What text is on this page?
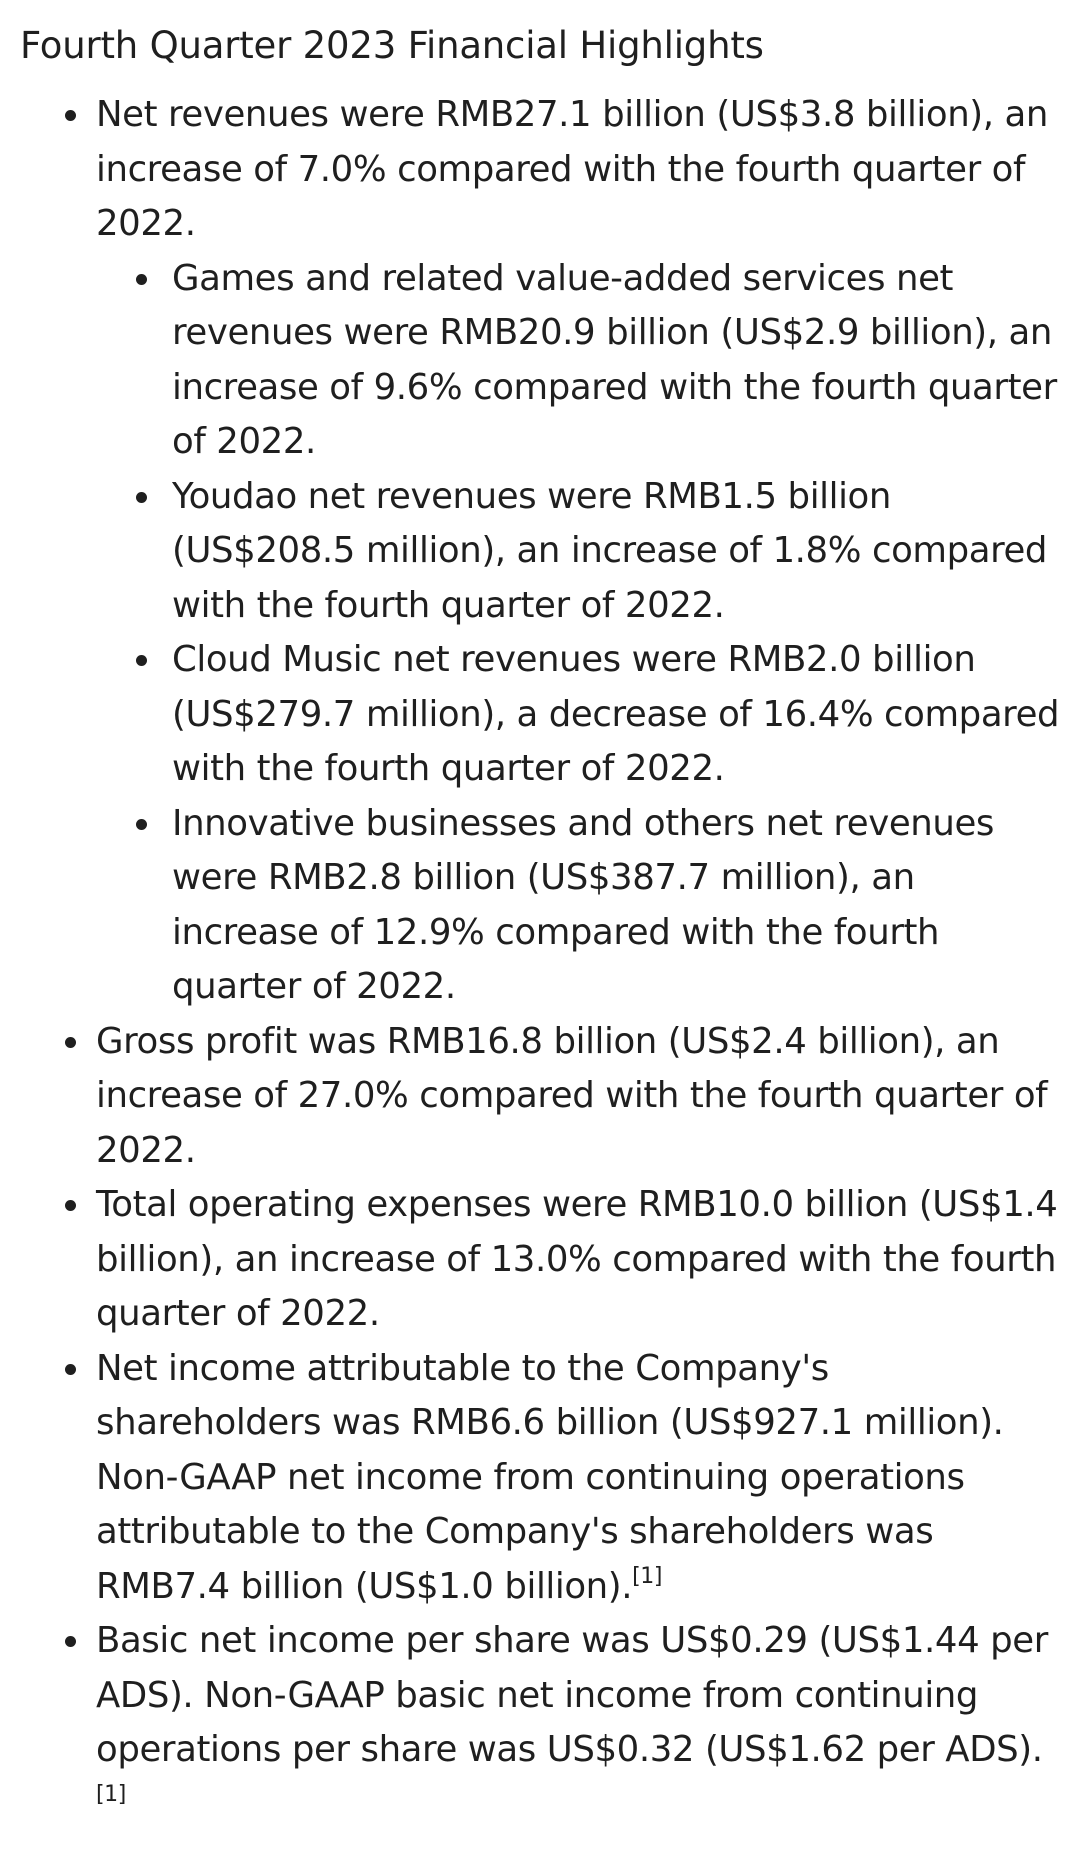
Fourth Quarter 2023 Financial Highlights
Net revenues were RMB27.1 billion (US$3.8 billion), an increase of 7.0% compared with the fourth quarter of 2022.
Games and related value-added services net revenues were RMB20.9 billion (US$2.9 billion), an increase of 9.6% compared with the fourth quarter of 2022.
Youdao net revenues were RMB1.5 billion (US$208.5 million), an increase of 1.8% compared with the fourth quarter of 2022.
Cloud Music net revenues were RMB2.0 billion (US$279.7 million), a decrease of 16.4% compared with the fourth quarter of 2022.
Innovative businesses and others net revenues were RMB2.8 billion (US$387.7 million), an increase of 12.9% compared with the fourth quarter of 2022.
Gross profit was RMB16.8 billion (US$2.4 billion), an increase of 27.0% compared with the fourth quarter of 2022.
Total operating expenses were RMB10.0 billion (US$1.4 billion), an increase of 13.0% compared with the fourth quarter of 2022.
Net income attributable to the Company's shareholders was RMB6.6 billion (US$927.1 million). Non-GAAP net income from continuing operations attributable to the Company's shareholders was RMB7.4 billion (US$1.0 billion).[1]
Basic net income per share was US$0.29 (US$1.44 per ADS). Non-GAAP basic net income from continuing operations per share was US$0.32 (US$1.62 per ADS).[1]
